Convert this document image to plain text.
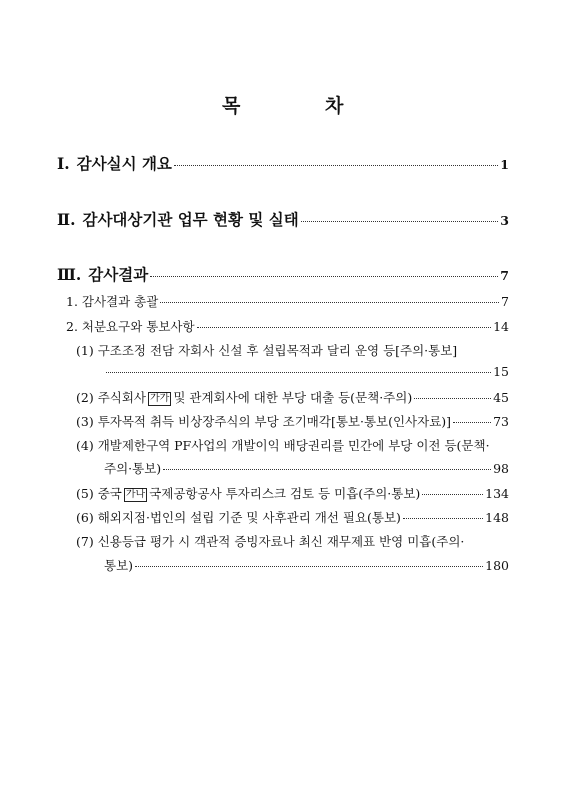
목	차
Ⅰ. 감사실시 개요	1
Ⅱ. 감사대상기관 업무 현황 및 실태	3
Ⅲ. 감사결과	7
1. 감사결과 총괄	7
2. 처분요구와 통보사항	14
(1) 구조조정 전담 자회사 신설 후 설립목적과 달리 운영 등[주의·통보]
15
(2) 주식회사 가가 및 관계회사에 대한 부당 대출 등(문책·주의)	45
(3) 투자목적 취득 비상장주식의 부당 조기매각[통보·통보(인사자료)]	73
(4) 개발제한구역 PF사업의 개발이익 배당권리를 민간에 부당 이전 등(문책·
주의·통보)	98
(5) 중국 가나 국제공항공사 투자리스크 검토 등 미흡(주의·통보)	134
(6) 해외지점·법인의 설립 기준 및 사후관리 개선 필요(통보)	148
(7) 신용등급 평가 시 객관적 증빙자료나 최신 재무제표 반영 미흡(주의·
통보)	180
